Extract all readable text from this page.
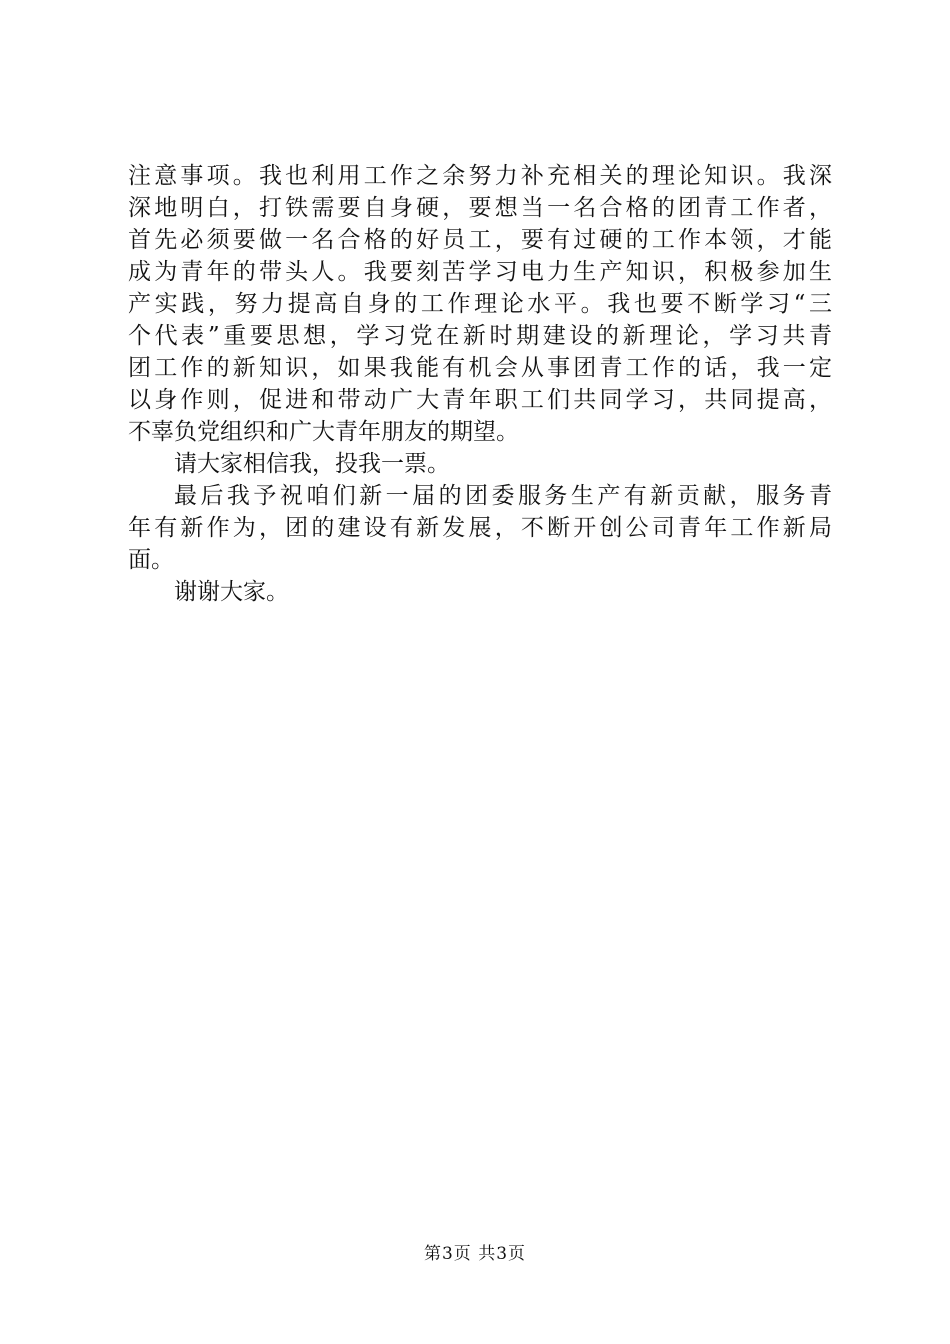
注意事项。我也利用工作之余努力补充相关的理论知识。我深
深地明白，打铁需要自身硬，要想当一名合格的团青工作者，
首先必须要做一名合格的好员工，要有过硬的工作本领，才能
成为青年的带头人。我要刻苦学习电力生产知识，积极参加生
产实践，努力提高自身的工作理论水平。我也要不断学习“三
个代表”重要思想，学习党在新时期建设的新理论，学习共青
团工作的新知识，如果我能有机会从事团青工作的话，我一定
以身作则，促进和带动广大青年职工们共同学习，共同提高，
不辜负党组织和广大青年朋友的期望。
请大家相信我，投我一票。
最后我予祝咱们新一届的团委服务生产有新贡献，服务青
年有新作为，团的建设有新发展，不断开创公司青年工作新局
面。
谢谢大家。
第3页 共3页
